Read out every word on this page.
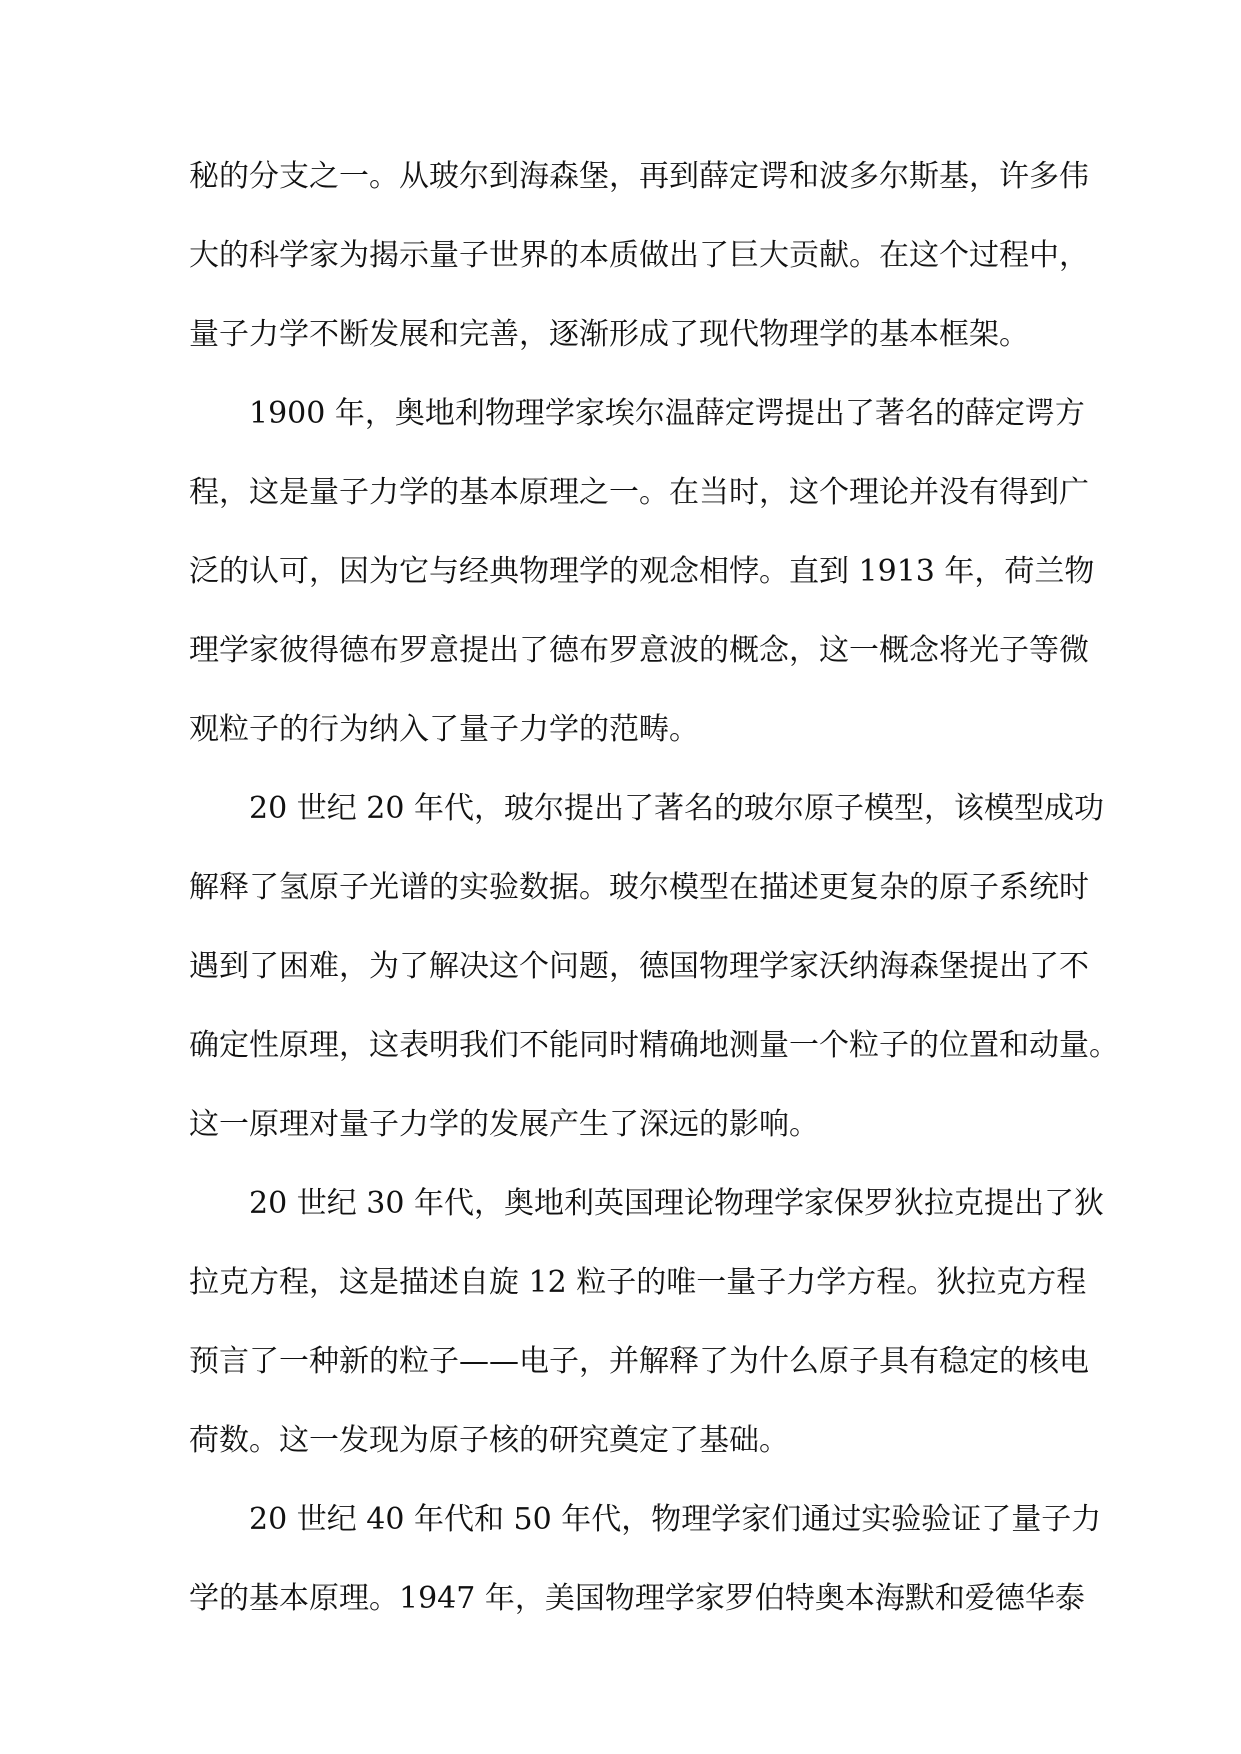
秘的分支之一。从玻尔到海森堡，再到薛定谔和波多尔斯基，许多伟
大的科学家为揭示量子世界的本质做出了巨大贡献。在这个过程中，
量子力学不断发展和完善，逐渐形成了现代物理学的基本框架。
1900 年，奥地利物理学家埃尔温薛定谔提出了著名的薛定谔方
程，这是量子力学的基本原理之一。在当时，这个理论并没有得到广
泛的认可，因为它与经典物理学的观念相悖。直到 1913 年，荷兰物
理学家彼得德布罗意提出了德布罗意波的概念，这一概念将光子等微
观粒子的行为纳入了量子力学的范畴。
20 世纪 20 年代，玻尔提出了著名的玻尔原子模型，该模型成功
解释了氢原子光谱的实验数据。玻尔模型在描述更复杂的原子系统时
遇到了困难，为了解决这个问题，德国物理学家沃纳海森堡提出了不
确定性原理，这表明我们不能同时精确地测量一个粒子的位置和动量。
这一原理对量子力学的发展产生了深远的影响。
20 世纪 30 年代，奥地利英国理论物理学家保罗狄拉克提出了狄
拉克方程，这是描述自旋 12 粒子的唯一量子力学方程。狄拉克方程
预言了一种新的粒子——电子，并解释了为什么原子具有稳定的核电
荷数。这一发现为原子核的研究奠定了基础。
20 世纪 40 年代和 50 年代，物理学家们通过实验验证了量子力
学的基本原理。1947 年，美国物理学家罗伯特奥本海默和爱德华泰
